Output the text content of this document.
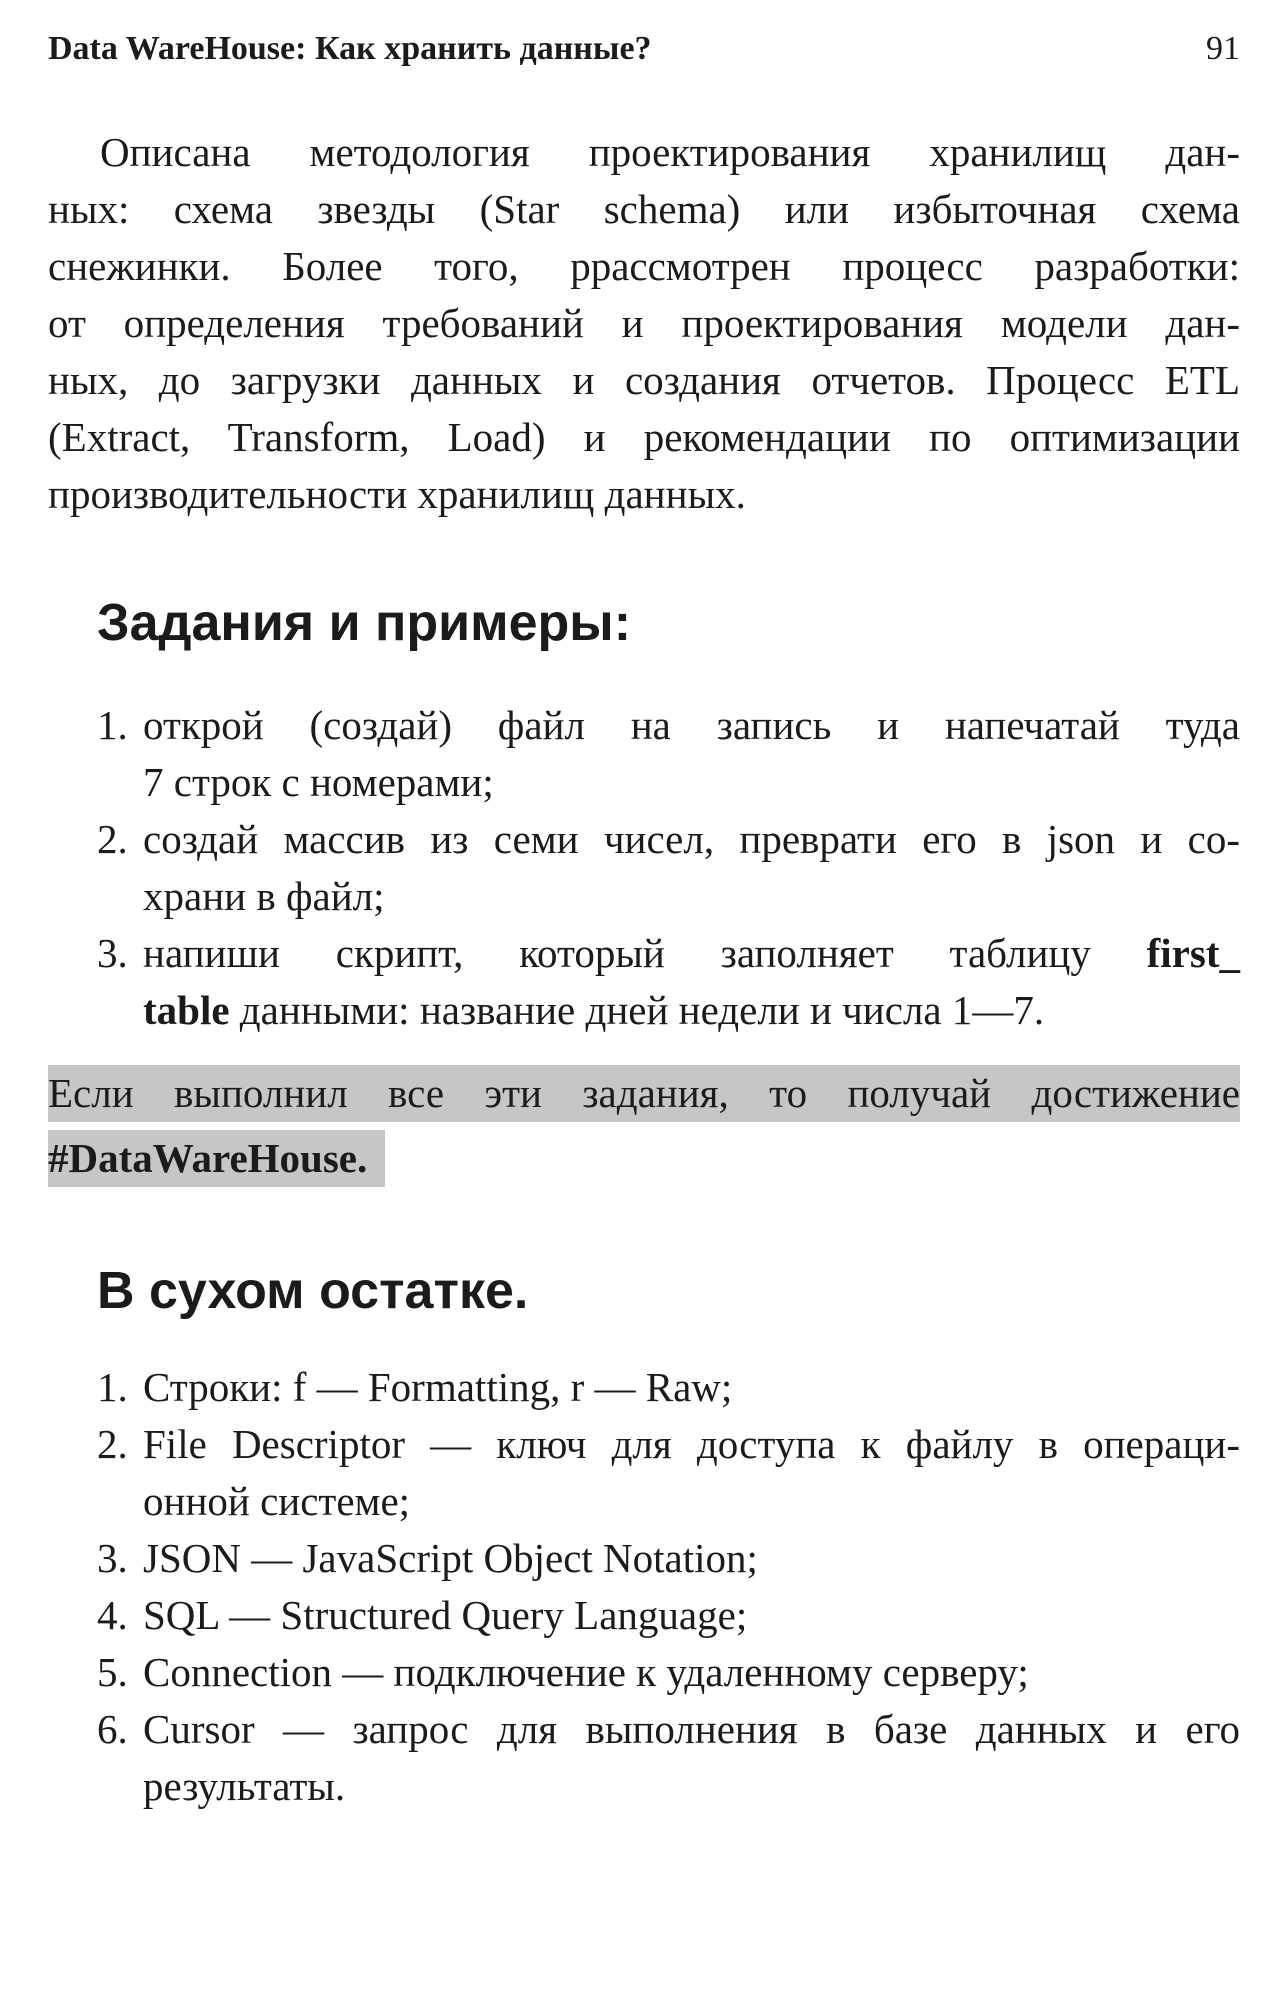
Data WareHouse: Как хранить данные?	91
Описана методология проектирования хранилищ дан-
ных: схема звезды (Star schema) или избыточная схема
снежинки. Более того, ррассмотрен процесс разработки:
от определения требований и проектирования модели дан-
ных, до загрузки данных и создания отчетов. Процесс ETL
(Extract, Transform, Load) и рекомендации по оптимизации
производительности хранилищ данных.
Задания и примеры:
1. открой (создай) файл на запись и напечатай туда
7 строк с номерами;
2. создай массив из семи чисел, преврати его в json и со-
храни в файл;
3. напиши скрипт, который заполняет таблицу first_
table данными: название дней недели и числа 1—7.
Если выполнил все эти задания, то получай достижение
#DataWareHouse.
В сухом остатке.
1. Строки: f — Formatting, r — Raw;
2. File Descriptor — ключ для доступа к файлу в операци-
онной системе;
3. JSON — JavaScript Object Notation;
4. SQL — Structured Query Language;
5. Connection — подключение к удаленному серверу;
6. Cursor — запрос для выполнения в базе данных и его
результаты.
